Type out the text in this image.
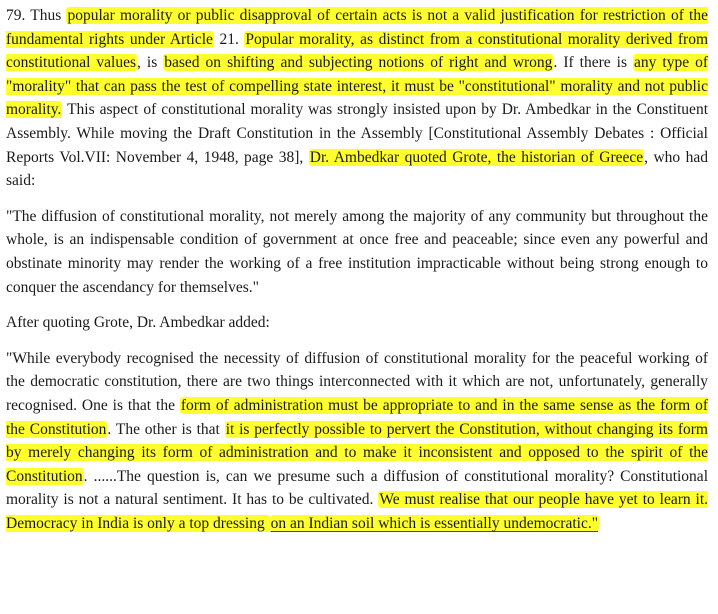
79. Thus popular morality or public disapproval of certain acts is not a valid justification for restriction of the fundamental rights under Article 21. Popular morality, as distinct from a constitutional morality derived from constitutional values, is based on shifting and subjecting notions of right and wrong. If there is any type of "morality" that can pass the test of compelling state interest, it must be "constitutional" morality and not public morality. This aspect of constitutional morality was strongly insisted upon by Dr. Ambedkar in the Constituent Assembly. While moving the Draft Constitution in the Assembly [Constitutional Assembly Debates : Official Reports Vol.VII: November 4, 1948, page 38], Dr. Ambedkar quoted Grote, the historian of Greece, who had said:

"The diffusion of constitutional morality, not merely among the majority of any community but throughout the whole, is an indispensable condition of government at once free and peaceable; since even any powerful and obstinate minority may render the working of a free institution impracticable without being strong enough to conquer the ascendancy for themselves."

After quoting Grote, Dr. Ambedkar added:

"While everybody recognised the necessity of diffusion of constitutional morality for the peaceful working of the democratic constitution, there are two things interconnected with it which are not, unfortunately, generally recognised. One is that the form of administration must be appropriate to and in the same sense as the form of the Constitution. The other is that it is perfectly possible to pervert the Constitution, without changing its form by merely changing its form of administration and to make it inconsistent and opposed to the spirit of the Constitution. ......The question is, can we presume such a diffusion of constitutional morality? Constitutional morality is not a natural sentiment. It has to be cultivated. We must realise that our people have yet to learn it. Democracy in India is only a top dressing on an Indian soil which is essentially undemocratic."
